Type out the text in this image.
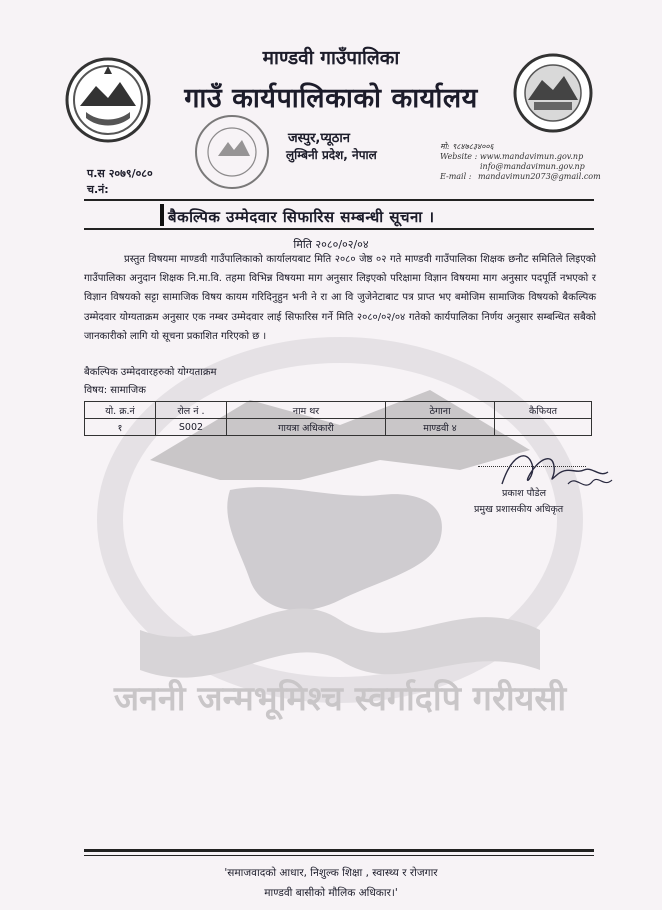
जननी जन्मभूमिश्च स्वर्गादपि गरीयसी
माण्डवी गाउँपालिका
गाउँ कार्यपालिकाको कार्यालय
जस्पुर,प्यूठान
लुम्बिनी प्रदेश, नेपाल
मो: ९८४७८३४००६
Website : www.mandavimun.gov.np
info@mandavimun.gov.np
E-mail : mandavimun2073@gmail.com
प.स २०७९/०८०
च.नं:
बैकल्पिक उम्मेदवार सिफारिस सम्बन्धी सूचना ।
मिति २०८०/०२/०४
प्रस्तुत विषयमा माण्डवी गाउँपालिकाको कार्यालयबाट मिति २०८० जेष्ठ ०२ गते माण्डवी गाउँपालिका शिक्षक छनौट समितिले लिइएको गाउँपालिका अनुदान शिक्षक नि.मा.वि. तहमा विभिन्न विषयमा माग अनुसार लिइएको परिक्षामा विज्ञान विषयमा माग अनुसार पदपूर्ति नभएको र विज्ञान विषयको सट्टा सामाजिक विषय कायम गरिदिनुहुन भनी ने रा आ वि जुजेनेटाबाट पत्र प्राप्त भए बमोजिम सामाजिक विषयको बैकल्पिक उम्मेदवार योग्यताक्रम अनुसार एक नम्बर उम्मेदवार लाई सिफारिस गर्ने मिति २०८०/०२/०४ गतेको कार्यपालिका निर्णय अनुसार सम्बन्धित सबैको जानकारीको लागि यो सूचना प्रकाशित गरिएको छ ।
बैकल्पिक उम्मेदवारहरुको योग्यताक्रम
विषय: सामाजिक
यो. क्र.नं	रोल नं .	नाम थर	ठेगाना	कैफियत
१	S002	गायत्रा अधिकारी	माण्डवी ४	
प्रकाश पौडेल
प्रमुख प्रशासकीय अधिकृत
'समाजवादको आधार, निशुल्क शिक्षा , स्वास्थ्य र रोजगार
माण्डवी बासीको मौलिक अधिकार।'
